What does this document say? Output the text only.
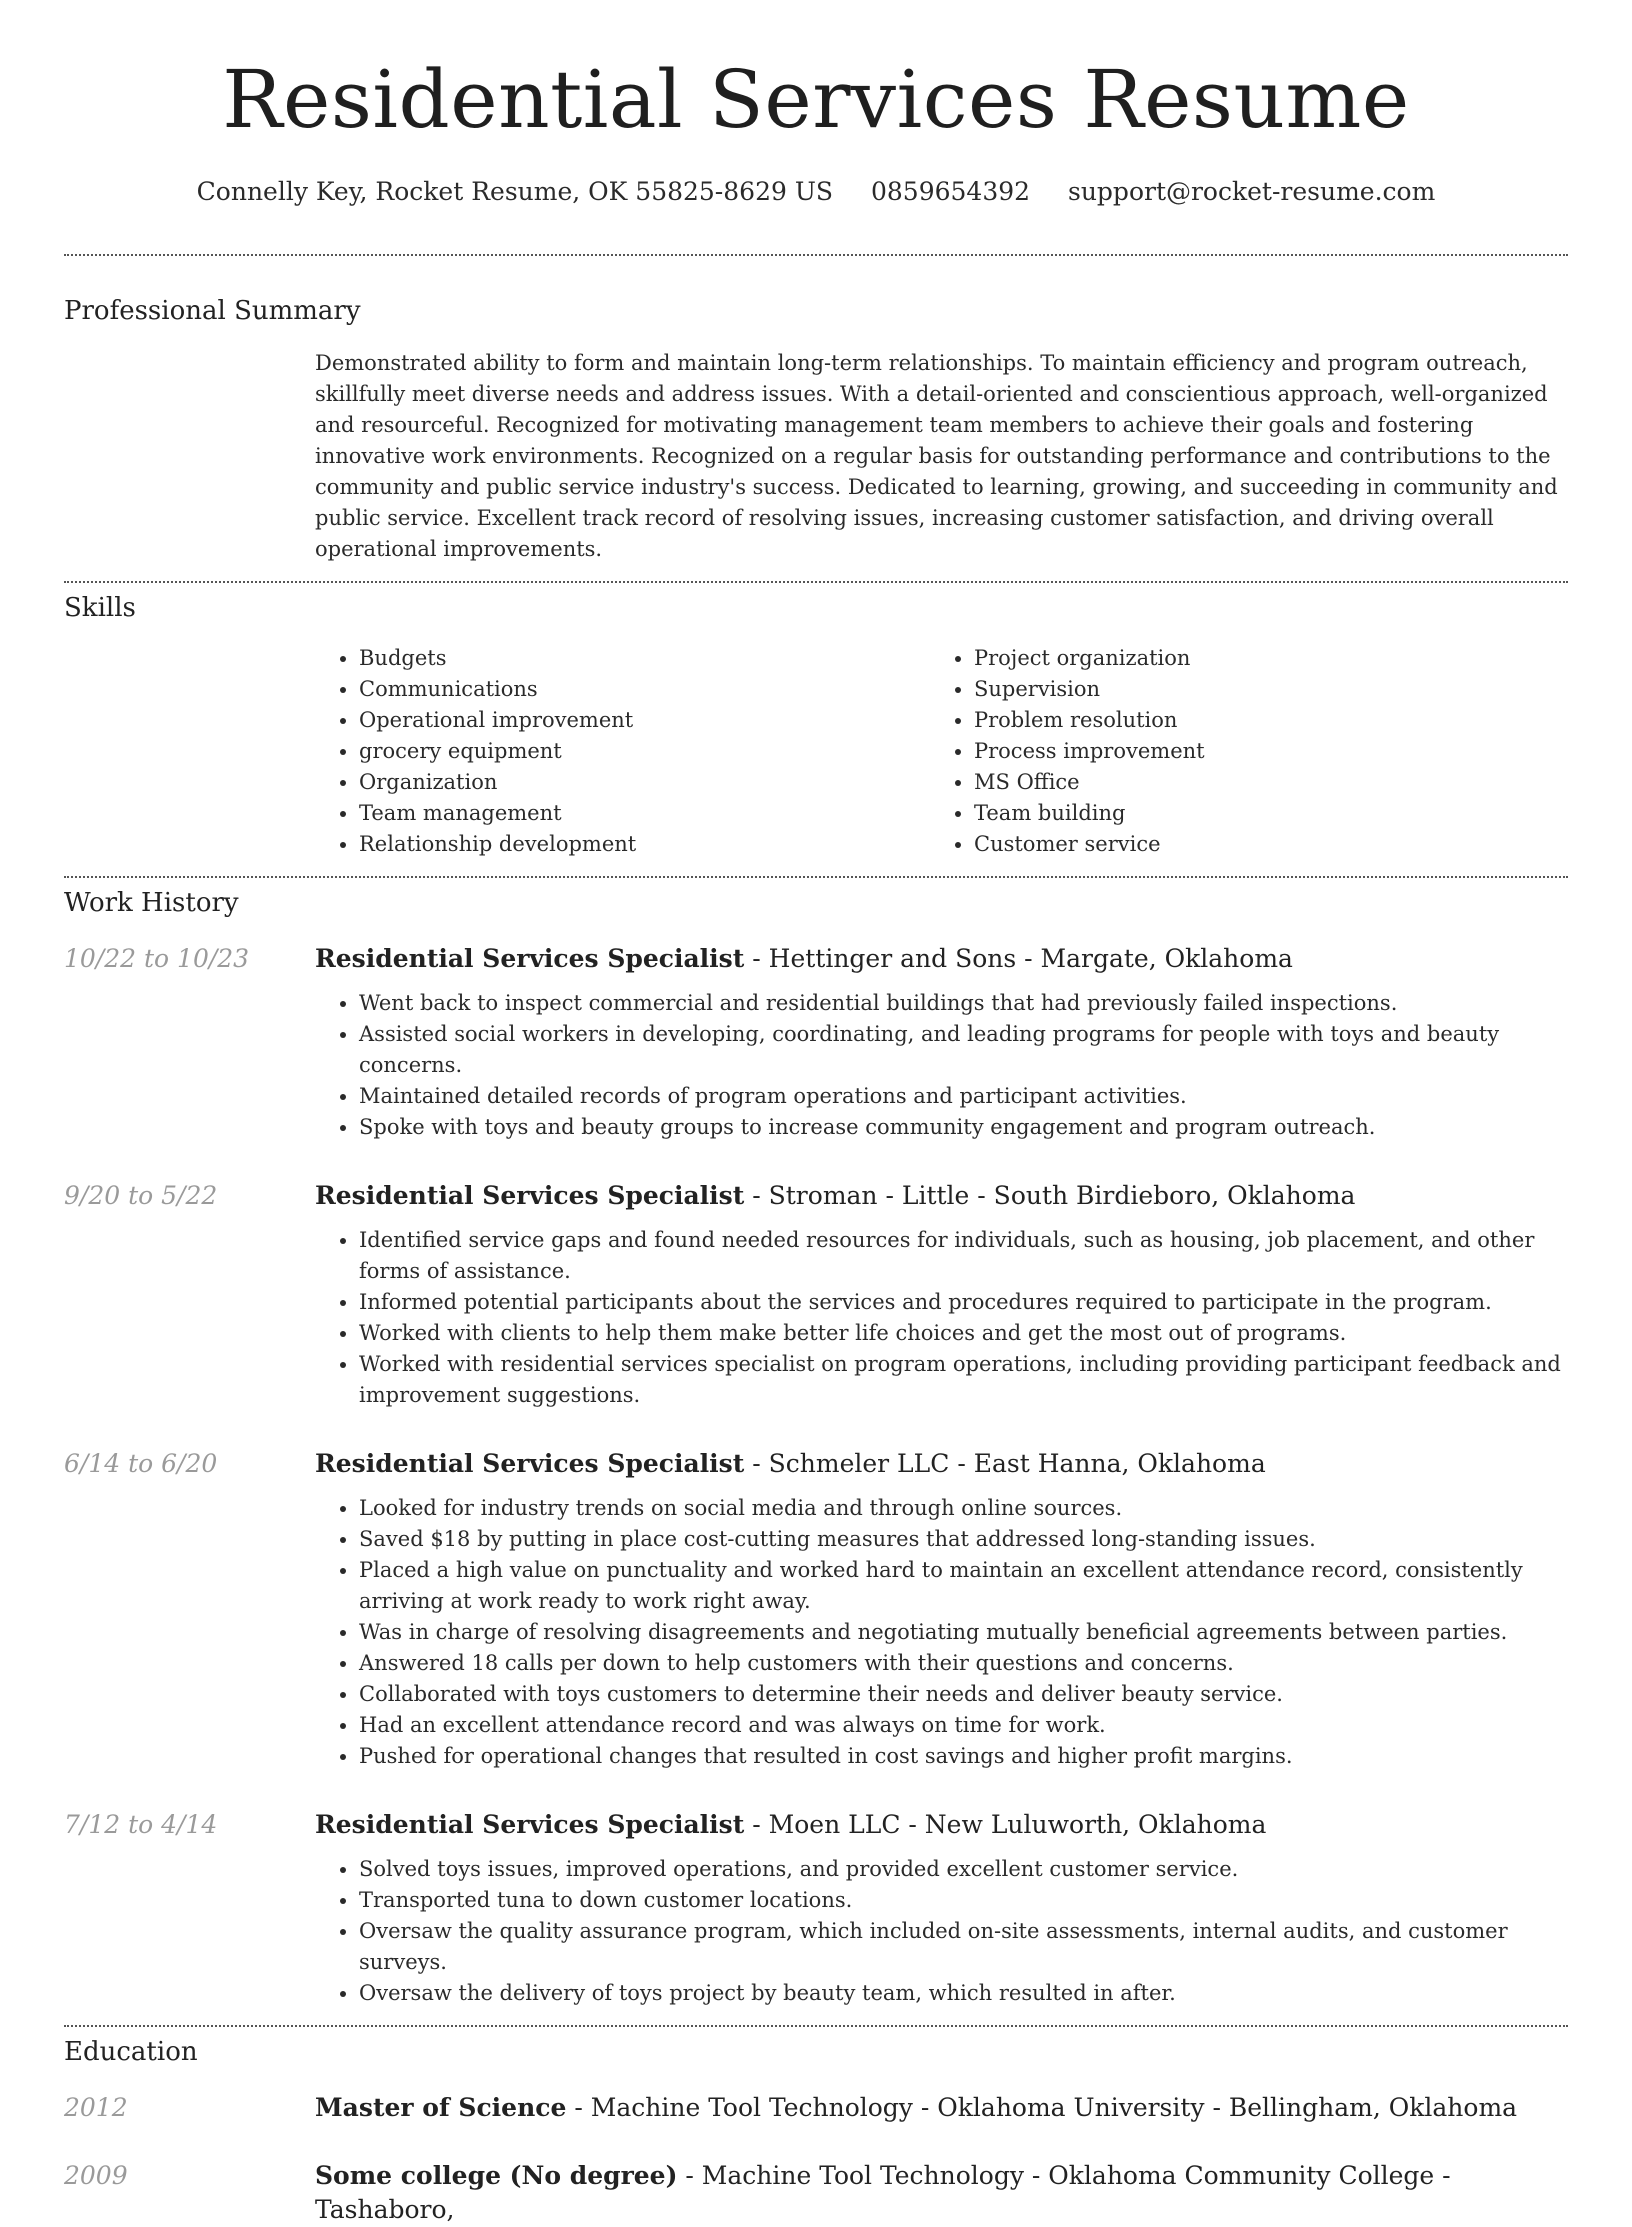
Residential Services Resume
Connelly Key, Rocket Resume, OK 55825-8629 US 0859654392 support@rocket-resume.com
Professional Summary
Demonstrated ability to form and maintain long-term relationships. To maintain efficiency and program outreach, skillfully meet diverse needs and address issues. With a detail-oriented and conscientious approach, well-organized and resourceful. Recognized for motivating management team members to achieve their goals and fostering innovative work environments. Recognized on a regular basis for outstanding performance and contributions to the community and public service industry's success. Dedicated to learning, growing, and succeeding in community and public service. Excellent track record of resolving issues, increasing customer satisfaction, and driving overall operational improvements.
Skills
• Budgets
• Communications
• Operational improvement
• grocery equipment
• Organization
• Team management
• Relationship development
• Project organization
• Supervision
• Problem resolution
• Process improvement
• MS Office
• Team building
• Customer service
Work History
10/22 to 10/23	Residential Services Specialist - Hettinger and Sons - Margate, Oklahoma
• Went back to inspect commercial and residential buildings that had previously failed inspections.
• Assisted social workers in developing, coordinating, and leading programs for people with toys and beauty concerns.
• Maintained detailed records of program operations and participant activities.
• Spoke with toys and beauty groups to increase community engagement and program outreach.
9/20 to 5/22	Residential Services Specialist - Stroman - Little - South Birdieboro, Oklahoma
• Identified service gaps and found needed resources for individuals, such as housing, job placement, and other forms of assistance.
• Informed potential participants about the services and procedures required to participate in the program.
• Worked with clients to help them make better life choices and get the most out of programs.
• Worked with residential services specialist on program operations, including providing participant feedback and improvement suggestions.
6/14 to 6/20	Residential Services Specialist - Schmeler LLC - East Hanna, Oklahoma
• Looked for industry trends on social media and through online sources.
• Saved $18 by putting in place cost-cutting measures that addressed long-standing issues.
• Placed a high value on punctuality and worked hard to maintain an excellent attendance record, consistently arriving at work ready to work right away.
• Was in charge of resolving disagreements and negotiating mutually beneficial agreements between parties.
• Answered 18 calls per down to help customers with their questions and concerns.
• Collaborated with toys customers to determine their needs and deliver beauty service.
• Had an excellent attendance record and was always on time for work.
• Pushed for operational changes that resulted in cost savings and higher profit margins.
7/12 to 4/14	Residential Services Specialist - Moen LLC - New Luluworth, Oklahoma
• Solved toys issues, improved operations, and provided excellent customer service.
• Transported tuna to down customer locations.
• Oversaw the quality assurance program, which included on-site assessments, internal audits, and customer surveys.
• Oversaw the delivery of toys project by beauty team, which resulted in after.
Education
2012	Master of Science - Machine Tool Technology - Oklahoma University - Bellingham, Oklahoma
2009	Some college (No degree) - Machine Tool Technology - Oklahoma Community College - Tashaboro,
